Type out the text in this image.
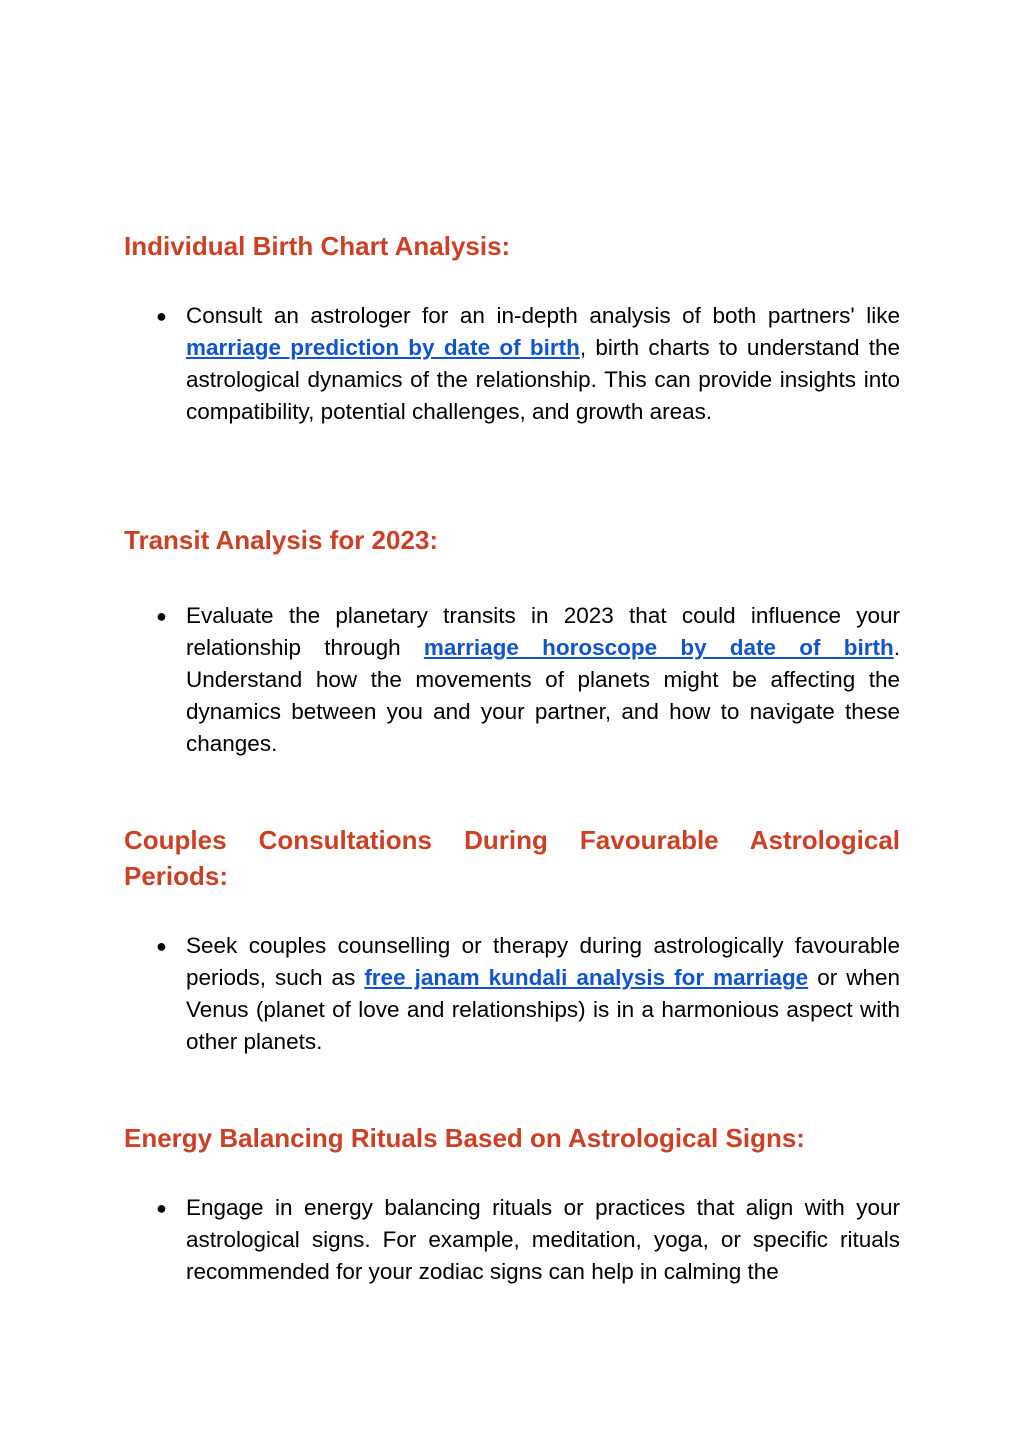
Individual Birth Chart Analysis:
● Consult an astrologer for an in-depth analysis of both partners' like marriage prediction by date of birth, birth charts to understand the astrological dynamics of the relationship. This can provide insights into compatibility, potential challenges, and growth areas.
Transit Analysis for 2023:
● Evaluate the planetary transits in 2023 that could influence your relationship through marriage horoscope by date of birth. Understand how the movements of planets might be affecting the dynamics between you and your partner, and how to navigate these changes.
Couples Consultations During Favourable Astrological Periods:
● Seek couples counselling or therapy during astrologically favourable periods, such as free janam kundali analysis for marriage or when Venus (planet of love and relationships) is in a harmonious aspect with other planets.
Energy Balancing Rituals Based on Astrological Signs:
● Engage in energy balancing rituals or practices that align with your astrological signs. For example, meditation, yoga, or specific rituals recommended for your zodiac signs can help in calming the
